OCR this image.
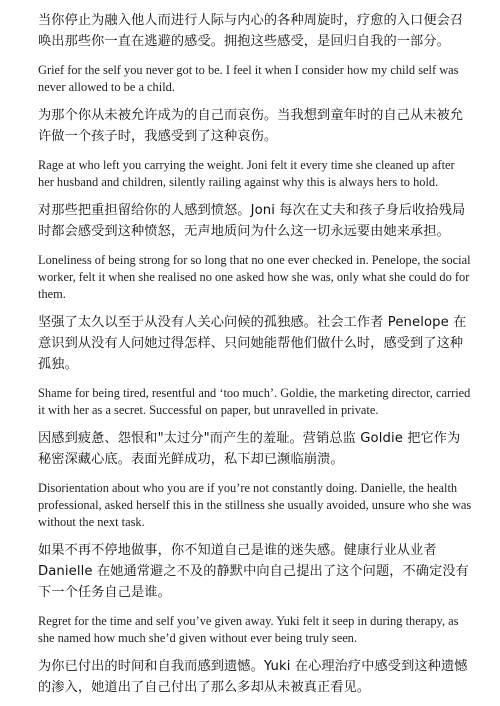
当你停止为融入他人而进行人际与内心的各种周旋时，疗愈的入口便会召唤出那些你一直在逃避的感受。拥抱这些感受，是回归自我的一部分。

Grief for the self you never got to be. I feel it when I consider how my child self was never allowed to be a child.

为那个你从未被允许成为的自己而哀伤。当我想到童年时的自己从未被允许做一个孩子时，我感受到了这种哀伤。

Rage at who left you carrying the weight. Joni felt it every time she cleaned up after her husband and children, silently railing against why this is always hers to hold.

对那些把重担留给你的人感到愤怒。Joni 每次在丈夫和孩子身后收拾残局时都会感受到这种愤怒，无声地质问为什么这一切永远要由她来承担。

Loneliness of being strong for so long that no one ever checked in. Penelope, the social worker, felt it when she realised no one asked how she was, only what she could do for them.

坚强了太久以至于从没有人关心问候的孤独感。社会工作者 Penelope 在意识到从没有人问她过得怎样、只问她能帮他们做什么时，感受到了这种孤独。

Shame for being tired, resentful and ‘too much’. Goldie, the marketing director, carried it with her as a secret. Successful on paper, but unravelled in private.

因感到疲惫、怨恨和"太过分"而产生的羞耻。营销总监 Goldie 把它作为秘密深藏心底。表面光鲜成功，私下却已濒临崩溃。

Disorientation about who you are if you’re not constantly doing. Danielle, the health professional, asked herself this in the stillness she usually avoided, unsure who she was without the next task.

如果不再不停地做事，你不知道自己是谁的迷失感。健康行业从业者 Danielle 在她通常避之不及的静默中向自己提出了这个问题，不确定没有下一个任务自己是谁。

Regret for the time and self you’ve given away. Yuki felt it seep in during therapy, as she named how much she’d given without ever being truly seen.

为你已付出的时间和自我而感到遗憾。Yuki 在心理治疗中感受到这种遗憾的渗入，她道出了自己付出了那么多却从未被真正看见。
